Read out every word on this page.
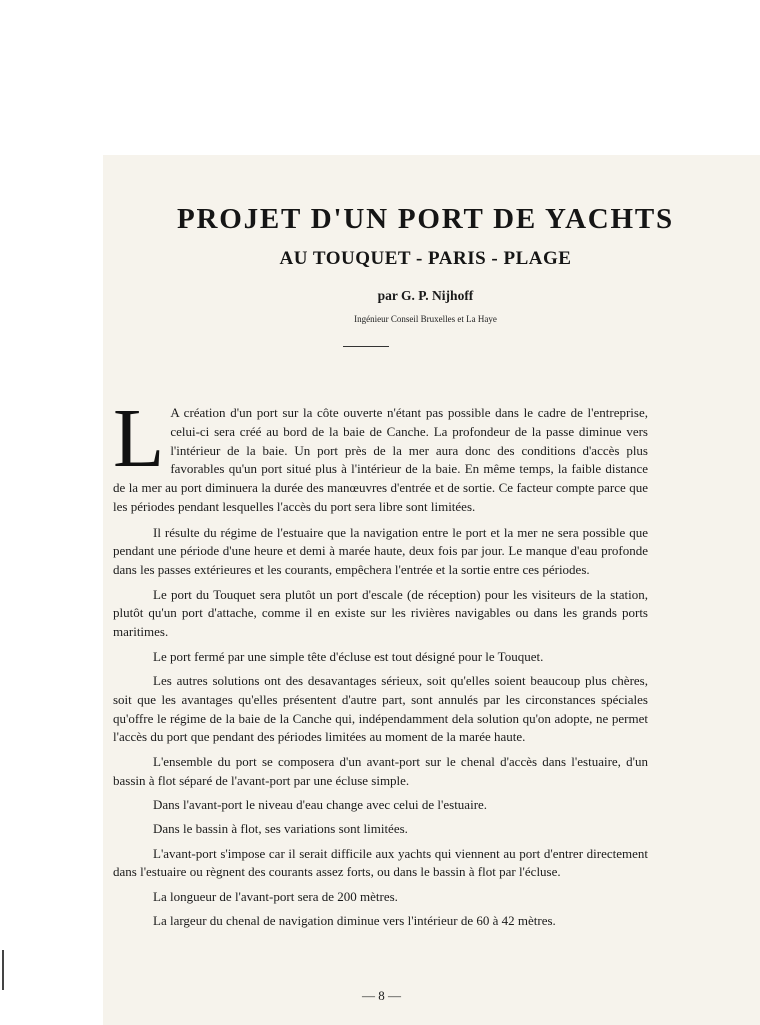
PROJET D'UN PORT DE YACHTS
AU TOUQUET - PARIS - PLAGE
par G. P. Nijhoff
Ingénieur Conseil Bruxelles et La Haye

L A création d'un port sur la côte ouverte n'étant pas possible dans le cadre de l'entreprise, celui-ci sera créé au bord de la baie de Canche. La profondeur de la passe diminue vers l'intérieur de la baie. Un port près de la mer aura donc des conditions d'accès plus favorables qu'un port situé plus à l'intérieur de la baie. En même temps, la faible distance de la mer au port diminuera la durée des manœuvres d'entrée et de sortie. Ce facteur compte parce que les périodes pendant lesquelles l'accès du port sera libre sont limitées.

Il résulte du régime de l'estuaire que la navigation entre le port et la mer ne sera possible que pendant une période d'une heure et demi à marée haute, deux fois par jour. Le manque d'eau profonde dans les passes extérieures et les courants, empêchera l'entrée et la sortie entre ces périodes.

Le port du Touquet sera plutôt un port d'escale (de réception) pour les visiteurs de la station, plutôt qu'un port d'attache, comme il en existe sur les rivières navigables ou dans les grands ports maritimes.

Le port fermé par une simple tête d'écluse est tout désigné pour le Touquet.

Les autres solutions ont des desavantages sérieux, soit qu'elles soient beaucoup plus chères, soit que les avantages qu'elles présentent d'autre part, sont annulés par les circonstances spéciales qu'offre le régime de la baie de la Canche qui, indépendamment dela solution qu'on adopte, ne permet l'accès du port que pendant des périodes limitées au moment de la marée haute.

L'ensemble du port se composera d'un avant-port sur le chenal d'accès dans l'estuaire, d'un bassin à flot séparé de l'avant-port par une écluse simple.

Dans l'avant-port le niveau d'eau change avec celui de l'estuaire.

Dans le bassin à flot, ses variations sont limitées.

L'avant-port s'impose car il serait difficile aux yachts qui viennent au port d'entrer directement dans l'estuaire ou règnent des courants assez forts, ou dans le bassin à flot par l'écluse.

La longueur de l'avant-port sera de 200 mètres.

La largeur du chenal de navigation diminue vers l'intérieur de 60 à 42 mètres.

— 8 —
